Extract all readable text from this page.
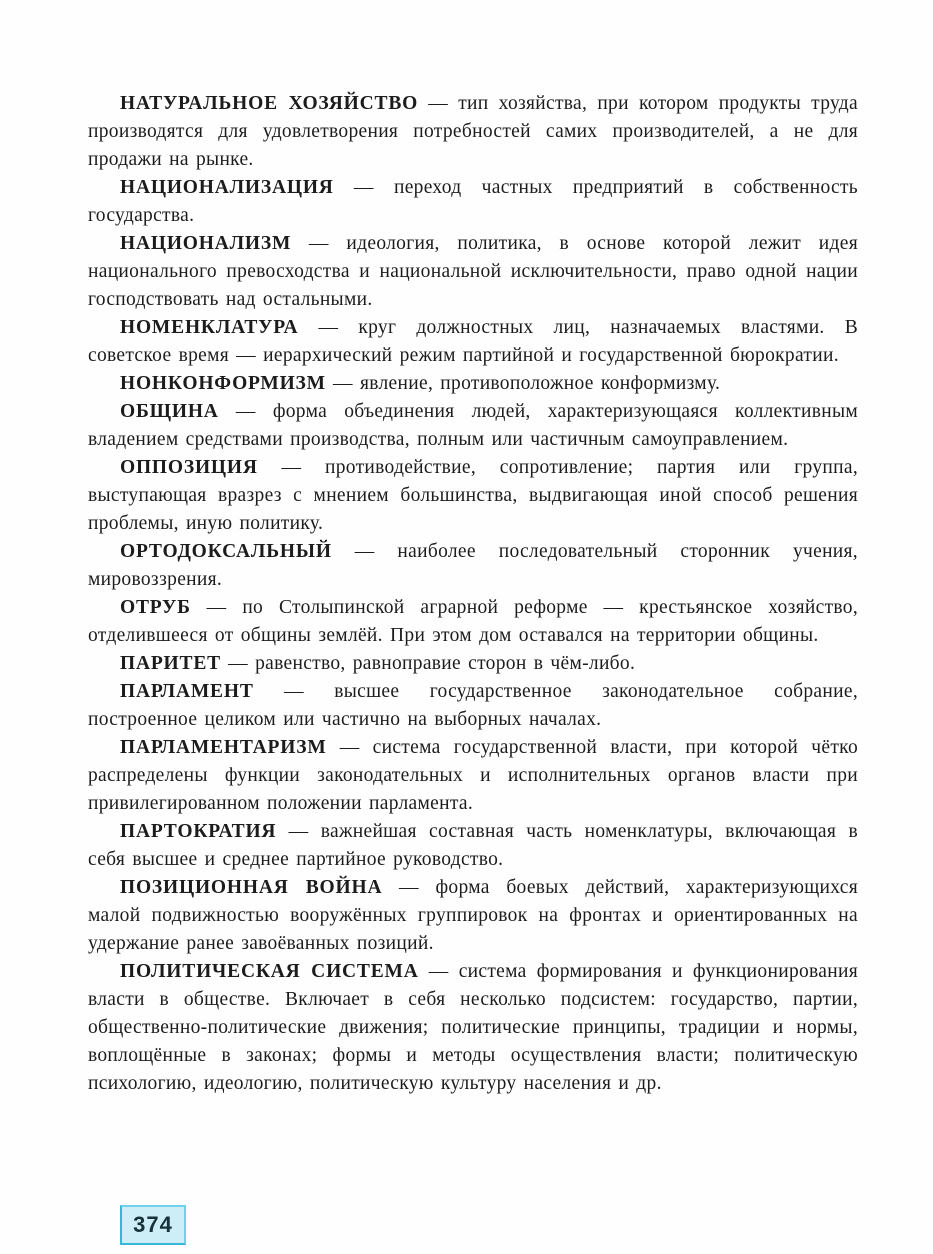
НАТУРАЛЬНОЕ ХОЗЯЙСТВО — тип хозяйства, при котором продукты труда производятся для удовлетворения потребностей самих производителей, а не для продажи на рынке.

НАЦИОНАЛИЗАЦИЯ — переход частных предприятий в собственность государства.

НАЦИОНАЛИЗМ — идеология, политика, в основе которой лежит идея национального превосходства и национальной исключительности, право одной нации господствовать над остальными.

НОМЕНКЛАТУРА — круг должностных лиц, назначаемых властями. В советское время — иерархический режим партийной и государственной бюрократии.

НОНКОНФОРМИЗМ — явление, противоположное конформизму.

ОБЩИНА — форма объединения людей, характеризующаяся коллективным владением средствами производства, полным или частичным самоуправлением.

ОППОЗИЦИЯ — противодействие, сопротивление; партия или группа, выступающая вразрез с мнением большинства, выдвигающая иной способ решения проблемы, иную политику.

ОРТОДОКСАЛЬНЫЙ — наиболее последовательный сторонник учения, мировоззрения.

ОТРУБ — по Столыпинской аграрной реформе — крестьянское хозяйство, отделившееся от общины землёй. При этом дом оставался на территории общины.

ПАРИТЕТ — равенство, равноправие сторон в чём-либо.

ПАРЛАМЕНТ — высшее государственное законодательное собрание, построенное целиком или частично на выборных началах.

ПАРЛАМЕНТАРИЗМ — система государственной власти, при которой чётко распределены функции законодательных и исполнительных органов власти при привилегированном положении парламента.

ПАРТОКРАТИЯ — важнейшая составная часть номенклатуры, включающая в себя высшее и среднее партийное руководство.

ПОЗИЦИОННАЯ ВОЙНА — форма боевых действий, характеризующихся малой подвижностью вооружённых группировок на фронтах и ориентированных на удержание ранее завоёванных позиций.

ПОЛИТИЧЕСКАЯ СИСТЕМА — система формирования и функционирования власти в обществе. Включает в себя несколько подсистем: государство, партии, общественно-политические движения; политические принципы, традиции и нормы, воплощённые в законах; формы и методы осуществления власти; политическую психологию, идеологию, политическую культуру населения и др.

374
